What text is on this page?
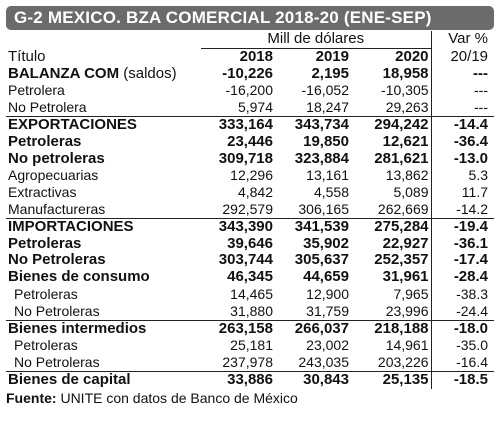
G-2 MEXICO. BZA COMERCIAL 2018-20 (ENE-SEP)
	Mill de dólares			Var %
Título	2018	2019	2020	20/19
BALANZA COM (saldos)	-10,226	2,195	18,958	---
Petrolera	-16,200	-16,052	-10,305	---
No Petrolera	5,974	18,247	29,263	---
EXPORTACIONES	333,164	343,734	294,242	-14.4
Petroleras	23,446	19,850	12,621	-36.4
No petroleras	309,718	323,884	281,621	-13.0
Agropecuarias	12,296	13,161	13,862	5.3
Extractivas	4,842	4,558	5,089	11.7
Manufactureras	292,579	306,165	262,669	-14.2
IMPORTACIONES	343,390	341,539	275,284	-19.4
Petroleras	39,646	35,902	22,927	-36.1
No Petroleras	303,744	305,637	252,357	-17.4
Bienes de consumo	46,345	44,659	31,961	-28.4
Petroleras	14,465	12,900	7,965	-38.3
No Petroleras	31,880	31,759	23,996	-24.4
Bienes intermedios	263,158	266,037	218,188	-18.0
Petroleras	25,181	23,002	14,961	-35.0
No Petroleras	237,978	243,035	203,226	-16.4
Bienes de capital	33,886	30,843	25,135	-18.5
Fuente: UNITE con datos de Banco de México
